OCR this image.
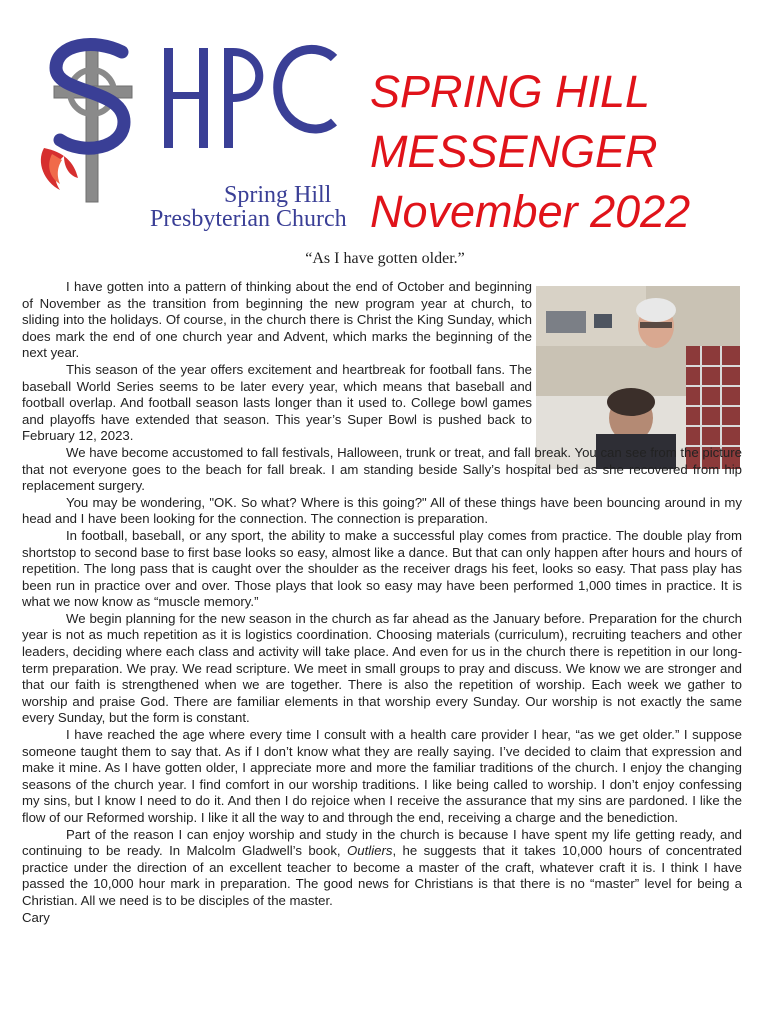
Spring Hill
Presbyterian Church
SPRING HILL
MESSENGER
November 2022
“As I have gotten older.”

I have gotten into a pattern of thinking about the end of October and beginning of November as the transition from beginning the new program year at church, to sliding into the holidays. Of course, in the church there is Christ the King Sunday, which does mark the end of one church year and Advent, which marks the beginning of the next year.

This season of the year offers excitement and heartbreak for football fans. The baseball World Series seems to be later every year, which means that baseball and football overlap. And football season lasts longer than it used to. College bowl games and playoffs have extended that season. This year’s Super Bowl is pushed back to February 12, 2023.

We have become accustomed to fall festivals, Halloween, trunk or treat, and fall break. You can see from the picture that not everyone goes to the beach for fall break. I am standing beside Sally’s hospital bed as she recovered from hip replacement surgery.

You may be wondering, "OK. So what? Where is this going?" All of these things have been bouncing around in my head and I have been looking for the connection. The connection is preparation.

In football, baseball, or any sport, the ability to make a successful play comes from practice. The double play from shortstop to second base to first base looks so easy, almost like a dance. But that can only happen after hours and hours of repetition. The long pass that is caught over the shoulder as the receiver drags his feet, looks so easy. That pass play has been run in practice over and over. Those plays that look so easy may have been performed 1,000 times in practice. It is what we now know as “muscle memory.”

We begin planning for the new season in the church as far ahead as the January before. Preparation for the church year is not as much repetition as it is logistics coordination. Choosing materials (curriculum), recruiting teachers and other leaders, deciding where each class and activity will take place. And even for us in the church there is repetition in our long-term preparation. We pray. We read scripture. We meet in small groups to pray and discuss. We know we are stronger and that our faith is strengthened when we are together. There is also the repetition of worship. Each week we gather to worship and praise God. There are familiar elements in that worship every Sunday. Our worship is not exactly the same every Sunday, but the form is constant.

I have reached the age where every time I consult with a health care provider I hear, “as we get older.” I suppose someone taught them to say that. As if I don’t know what they are really saying. I’ve decided to claim that expression and make it mine. As I have gotten older, I appreciate more and more the familiar traditions of the church. I enjoy the changing seasons of the church year. I find comfort in our worship traditions. I like being called to worship. I don’t enjoy confessing my sins, but I know I need to do it. And then I do rejoice when I receive the assurance that my sins are pardoned. I like the flow of our Reformed worship. I like it all the way to and through the end, receiving a charge and the benediction.

Part of the reason I can enjoy worship and study in the church is because I have spent my life getting ready, and continuing to be ready. In Malcolm Gladwell’s book, Outliers, he suggests that it takes 10,000 hours of concentrated practice under the direction of an excellent teacher to become a master of the craft, whatever craft it is. I think I have passed the 10,000 hour mark in preparation. The good news for Christians is that there is no “master” level for being a Christian. All we need is to be disciples of the master.

Cary
